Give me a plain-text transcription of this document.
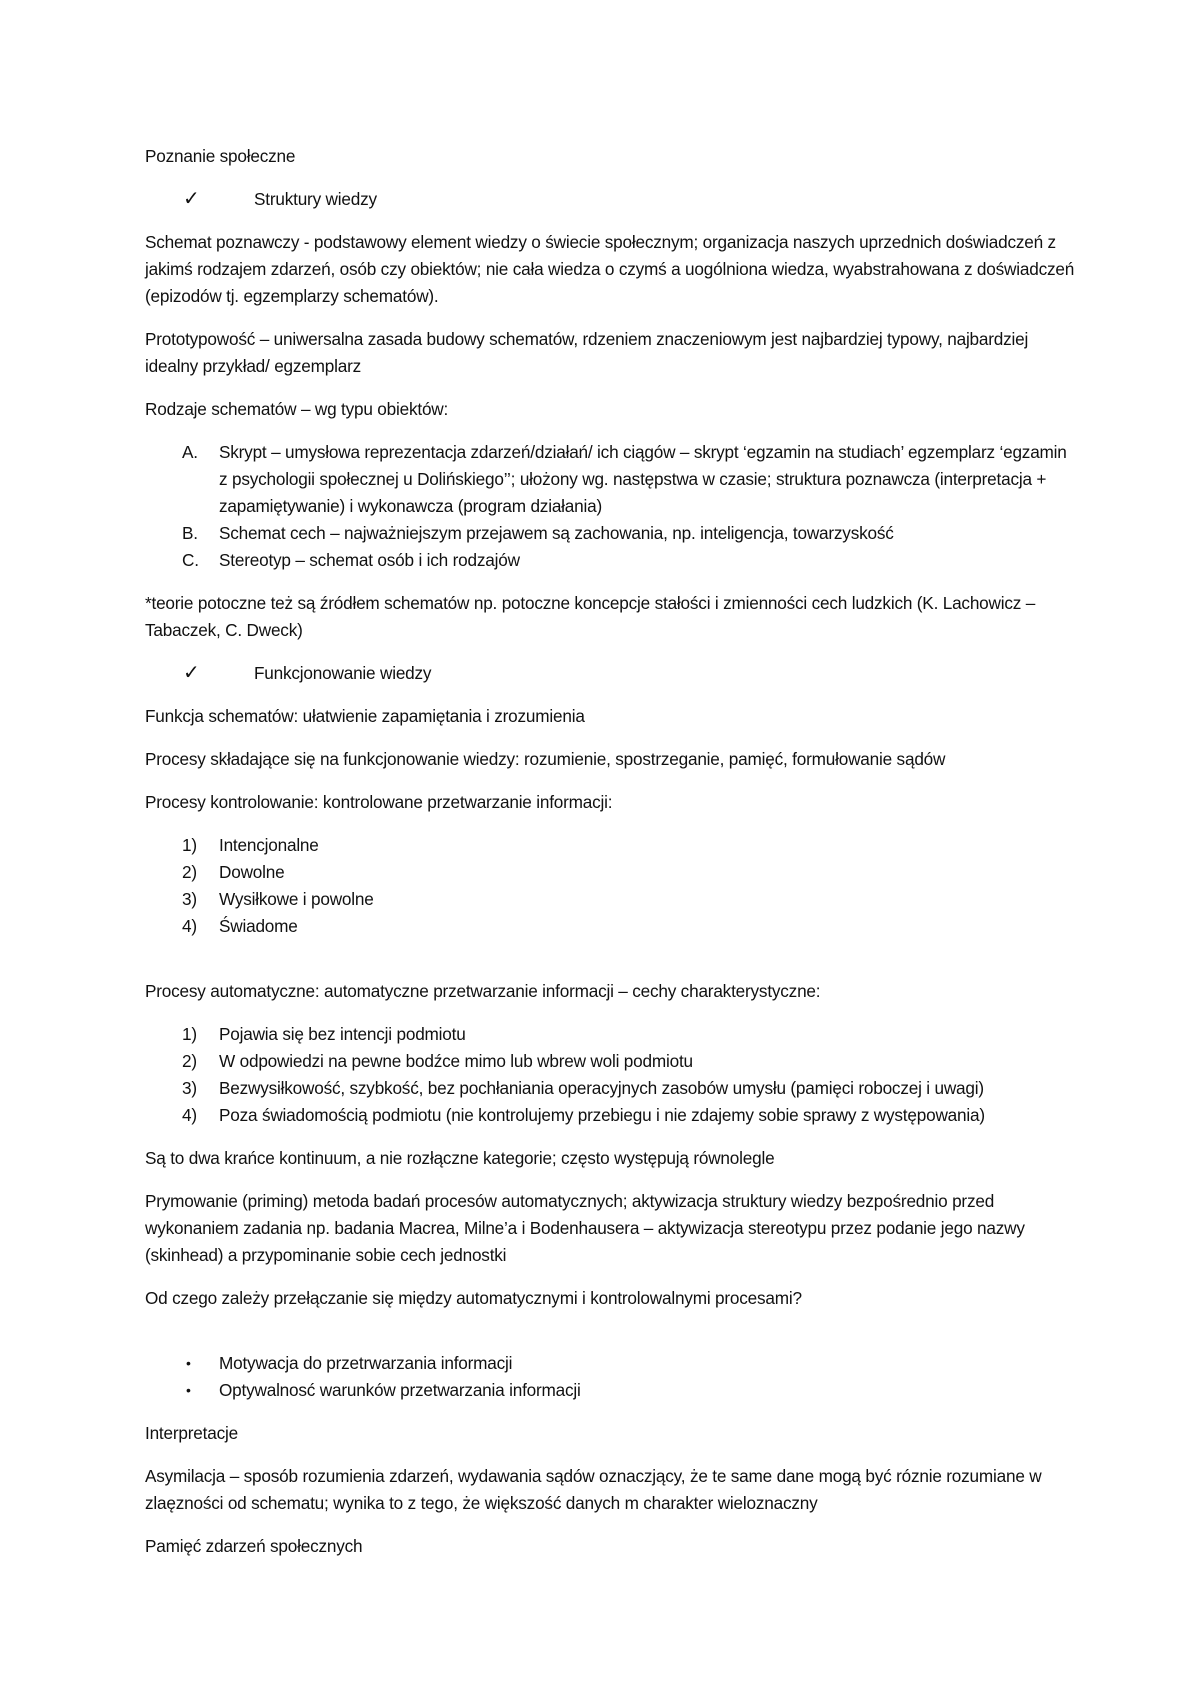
Poznanie społeczne

✓	Struktury wiedzy

Schemat poznawczy - podstawowy element wiedzy o świecie społecznym; organizacja naszych uprzednich doświadczeń z jakimś rodzajem zdarzeń, osób czy obiektów; nie cała wiedza o czymś a uogólniona wiedza, wyabstrahowana z doświadczeń (epizodów tj. egzemplarzy schematów).

Prototypowość – uniwersalna zasada budowy schematów, rdzeniem znaczeniowym jest najbardziej typowy, najbardziej idealny przykład/ egzemplarz

Rodzaje schematów – wg typu obiektów:

A. Skrypt – umysłowa reprezentacja zdarzeń/działań/ ich ciągów – skrypt ‘egzamin na studiach’ egzemplarz ‘egzamin z psychologii społecznej u Dolińskiego’’; ułożony wg. następstwa w czasie; struktura poznawcza (interpretacja + zapamiętywanie) i wykonawcza (program działania)
B. Schemat cech – najważniejszym przejawem są zachowania, np. inteligencja, towarzyskość
C. Stereotyp – schemat osób i ich rodzajów

*teorie potoczne też są źródłem schematów np. potoczne koncepcje stałości i zmienności cech ludzkich (K. Lachowicz – Tabaczek, C. Dweck)

✓	Funkcjonowanie wiedzy

Funkcja schematów: ułatwienie zapamiętania i zrozumienia

Procesy składające się na funkcjonowanie wiedzy: rozumienie, spostrzeganie, pamięć, formułowanie sądów

Procesy kontrolowanie: kontrolowane przetwarzanie informacji:

1) Intencjonalne
2) Dowolne
3) Wysiłkowe i powolne
4) Świadome

Procesy automatyczne: automatyczne przetwarzanie informacji – cechy charakterystyczne:

1) Pojawia się bez intencji podmiotu
2) W odpowiedzi na pewne bodźce mimo lub wbrew woli podmiotu
3) Bezwysiłkowość, szybkość, bez pochłaniania operacyjnych zasobów umysłu (pamięci roboczej i uwagi)
4) Poza świadomością podmiotu (nie kontrolujemy przebiegu i nie zdajemy sobie sprawy z występowania)

Są to dwa krańce kontinuum, a nie rozłączne kategorie; często występują równolegle

Prymowanie (priming) metoda badań procesów automatycznych; aktywizacja struktury wiedzy bezpośrednio przed wykonaniem zadania np. badania Macrea, Milne’a i Bodenhausera – aktywizacja stereotypu przez podanie jego nazwy (skinhead) a przypominanie sobie cech jednostki

Od czego zależy przełączanie się między automatycznymi i kontrolowalnymi procesami?

• Motywacja do przetrwarzania informacji
• Optywalnosć warunków przetwarzania informacji

Interpretacje

Asymilacja – sposób rozumienia zdarzeń, wydawania sądów oznaczjący, że te same dane mogą być róznie rozumiane w zlaęzności od schematu; wynika to z tego, że większość danych m charakter wieloznaczny

Pamięć zdarzeń społecznych
